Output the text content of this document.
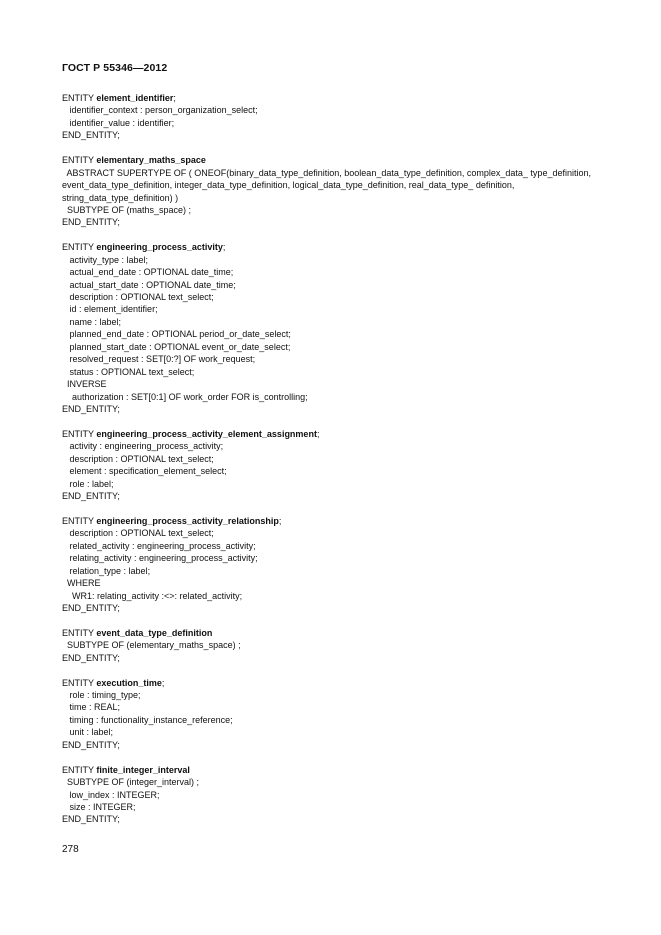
ГОСТ Р 55346—2012
ENTITY element_identifier;
identifier_context : person_organization_select;
identifier_value : identifier;
END_ENTITY;
ENTITY elementary_maths_space
ABSTRACT SUPERTYPE OF ( ONEOF(binary_data_type_definition, boolean_data_type_definition, complex_data_ type_definition, event_data_type_definition, integer_data_type_definition, logical_data_type_definition, real_data_type_ definition, string_data_type_definition) )
SUBTYPE OF (maths_space) ;
END_ENTITY;
ENTITY engineering_process_activity;
activity_type : label;
actual_end_date : OPTIONAL date_time;
actual_start_date : OPTIONAL date_time;
description : OPTIONAL text_select;
id : element_identifier;
name : label;
planned_end_date : OPTIONAL period_or_date_select;
planned_start_date : OPTIONAL event_or_date_select;
resolved_request : SET[0:?] OF work_request;
status : OPTIONAL text_select;
INVERSE
authorization : SET[0:1] OF work_order FOR is_controlling;
END_ENTITY;
ENTITY engineering_process_activity_element_assignment;
activity : engineering_process_activity;
description : OPTIONAL text_select;
element : specification_element_select;
role : label;
END_ENTITY;
ENTITY engineering_process_activity_relationship;
description : OPTIONAL text_select;
related_activity : engineering_process_activity;
relating_activity : engineering_process_activity;
relation_type : label;
WHERE
WR1: relating_activity :<>: related_activity;
END_ENTITY;
ENTITY event_data_type_definition
SUBTYPE OF (elementary_maths_space) ;
END_ENTITY;
ENTITY execution_time;
role : timing_type;
time : REAL;
timing : functionality_instance_reference;
unit : label;
END_ENTITY;
ENTITY finite_integer_interval
SUBTYPE OF (integer_interval) ;
low_index : INTEGER;
size : INTEGER;
END_ENTITY;
278
